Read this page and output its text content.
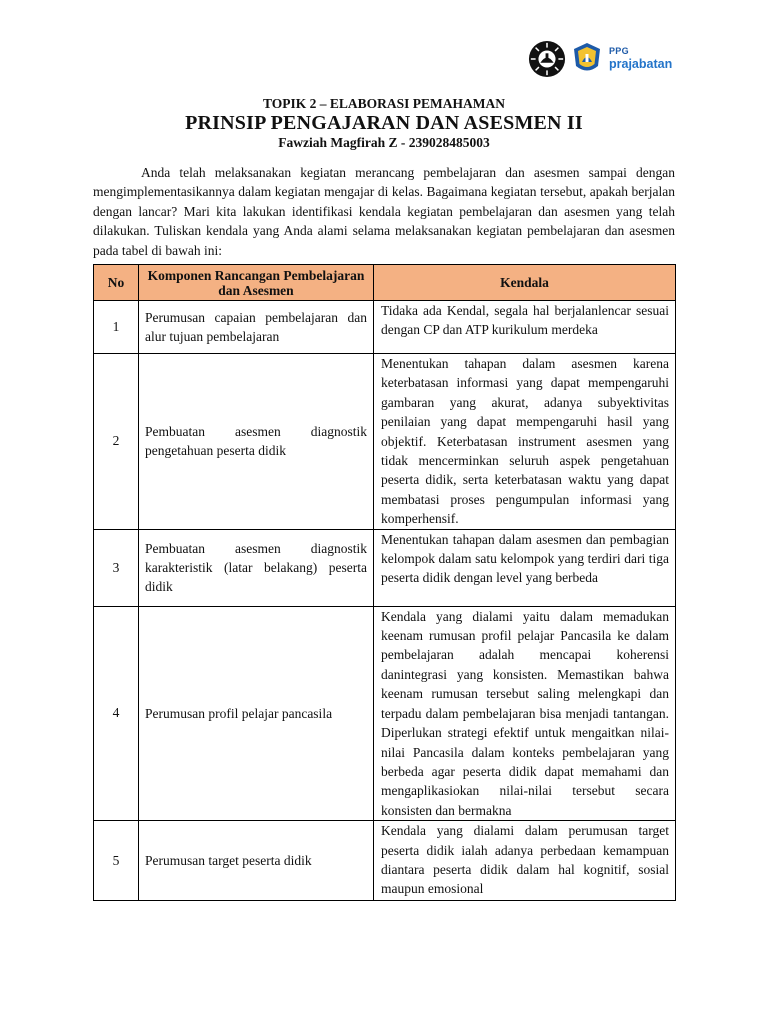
PPG
prajabatan
TOPIK 2 – ELABORASI PEMAHAMAN
PRINSIP PENGAJARAN DAN ASESMEN II
Fawziah Magfirah Z - 239028485003

Anda telah melaksanakan kegiatan merancang pembelajaran dan asesmen sampai dengan mengimplementasikannya dalam kegiatan mengajar di kelas. Bagaimana kegiatan tersebut, apakah berjalan dengan lancar? Mari kita lakukan identifikasi kendala kegiatan pembelajaran dan asesmen yang telah dilakukan. Tuliskan kendala yang Anda alami selama melaksanakan kegiatan pembelajaran dan asesmen pada tabel di bawah ini:

No	Komponen Rancangan Pembelajaran dan Asesmen	Kendala
1	Perumusan capaian pembelajaran dan alur tujuan pembelajaran	Tidaka ada Kendal, segala hal berjalanlencar sesuai dengan CP dan ATP kurikulum merdeka
2	Pembuatan asesmen diagnostik pengetahuan peserta didik	Menentukan tahapan dalam asesmen karena keterbatasan informasi yang dapat mempengaruhi gambaran yang akurat, adanya subyektivitas penilaian yang dapat mempengaruhi hasil yang objektif. Keterbatasan instrument asesmen yang tidak mencerminkan seluruh aspek pengetahuan peserta didik, serta keterbatasan waktu yang dapat membatasi proses pengumpulan informasi yang komperhensif.
3	Pembuatan asesmen diagnostik karakteristik (latar belakang) peserta didik	Menentukan tahapan dalam asesmen dan pembagian kelompok dalam satu kelompok yang terdiri dari tiga peserta didik dengan level yang berbeda
4	Perumusan profil pelajar pancasila	Kendala yang dialami yaitu dalam memadukan keenam rumusan profil pelajar Pancasila ke dalam pembelajaran adalah mencapai koherensi danintegrasi yang konsisten. Memastikan bahwa keenam rumusan tersebut saling melengkapi dan terpadu dalam pembelajaran bisa menjadi tantangan. Diperlukan strategi efektif untuk mengaitkan nilai-nilai Pancasila dalam konteks pembelajaran yang berbeda agar peserta didik dapat memahami dan mengaplikasiokan nilai-nilai tersebut secara konsisten dan bermakna
5	Perumusan target peserta didik	Kendala yang dialami dalam perumusan target peserta didik ialah adanya perbedaan kemampuan diantara peserta didik dalam hal kognitif, sosial maupun emosional
